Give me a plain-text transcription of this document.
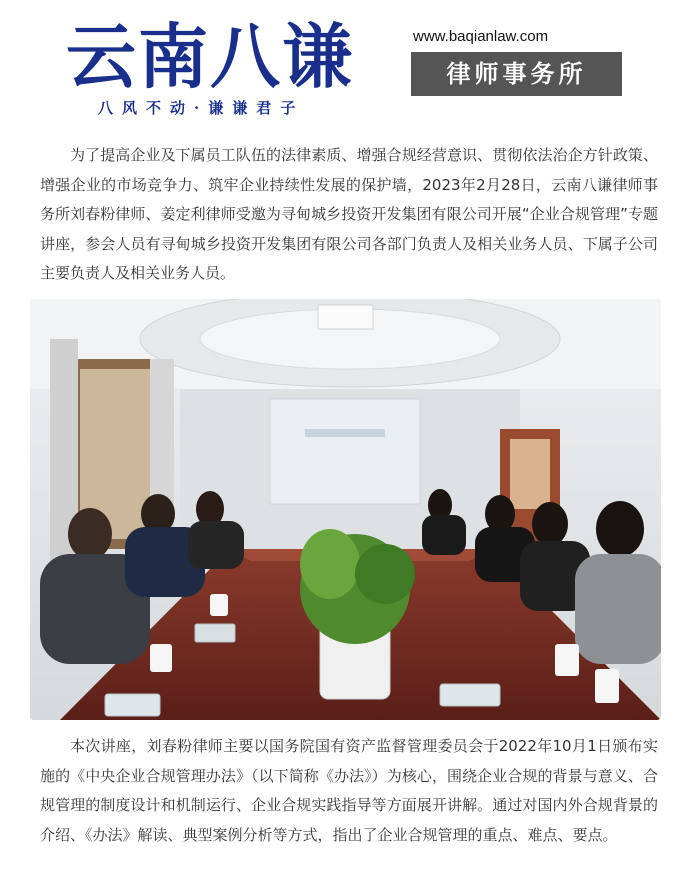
云南八谦
八风不动·谦谦君子
www.baqianlaw.com
律师事务所

为了提高企业及下属员工队伍的法律素质、增强合规经营意识、贯彻依法治企方针政策、增强企业的市场竞争力、筑牢企业持续性发展的保护墙，2023年2月28日，云南八谦律师事务所刘春粉律师、姜定利律师受邀为寻甸城乡投资开发集团有限公司开展“企业合规管理”专题讲座，参会人员有寻甸城乡投资开发集团有限公司各部门负责人及相关业务人员、下属子公司主要负责人及相关业务人员。

本次讲座，刘春粉律师主要以国务院国有资产监督管理委员会于2022年10月1日颁布实施的《中央企业合规管理办法》（以下简称《办法》）为核心，围绕企业合规的背景与意义、合规管理的制度设计和机制运行、企业合规实践指导等方面展开讲解。通过对国内外合规背景的介绍、《办法》解读、典型案例分析等方式，指出了企业合规管理的重点、难点、要点。
